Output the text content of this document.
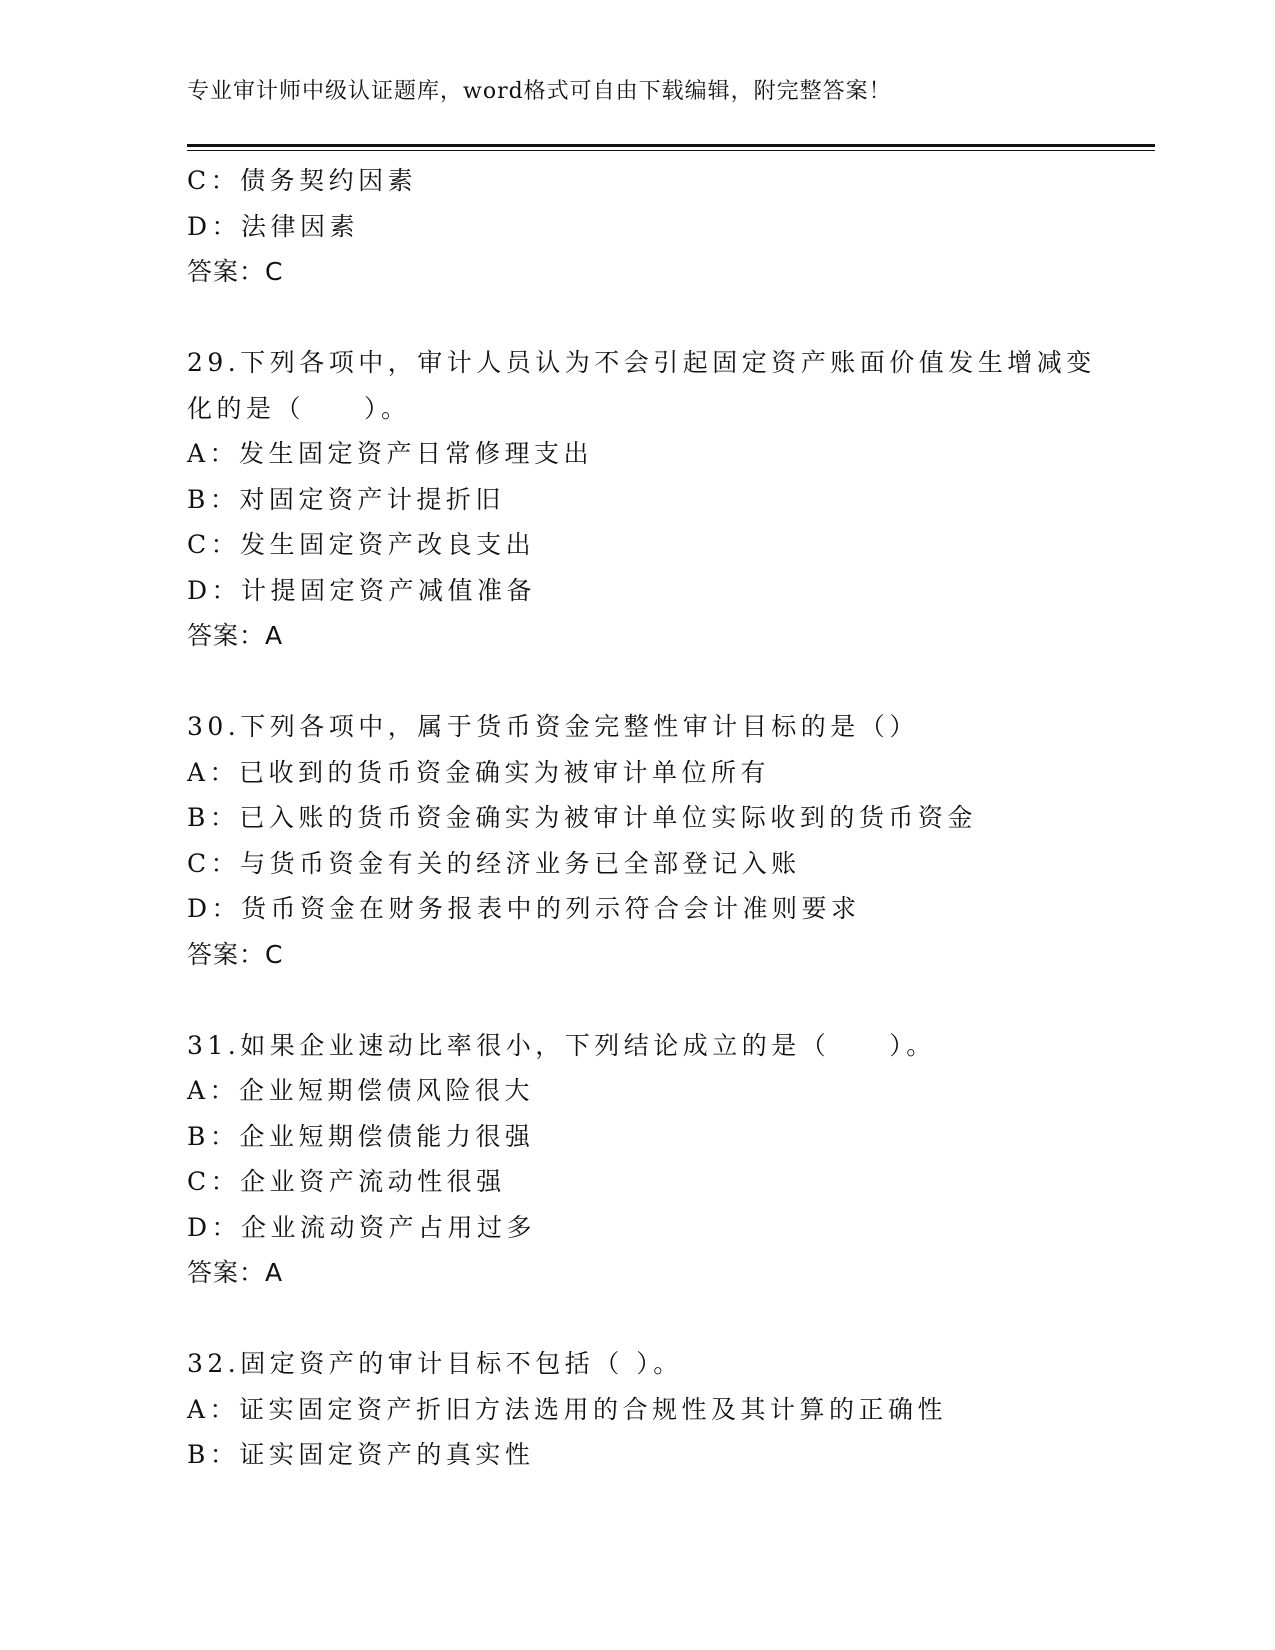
专业审计师中级认证题库，word格式可自由下载编辑，附完整答案！
C：债务契约因素
D：法律因素
答案：C
29.下列各项中，审计人员认为不会引起固定资产账面价值发生增减变
化的是（　　）。
A：发生固定资产日常修理支出
B：对固定资产计提折旧
C：发生固定资产改良支出
D：计提固定资产减值准备
答案：A
30.下列各项中，属于货币资金完整性审计目标的是（）
A：已收到的货币资金确实为被审计单位所有
B：已入账的货币资金确实为被审计单位实际收到的货币资金
C：与货币资金有关的经济业务已全部登记入账
D：货币资金在财务报表中的列示符合会计准则要求
答案：C
31.如果企业速动比率很小，下列结论成立的是（　　）。
A：企业短期偿债风险很大
B：企业短期偿债能力很强
C：企业资产流动性很强
D：企业流动资产占用过多
答案：A
32.固定资产的审计目标不包括（ ）。
A：证实固定资产折旧方法选用的合规性及其计算的正确性
B：证实固定资产的真实性
